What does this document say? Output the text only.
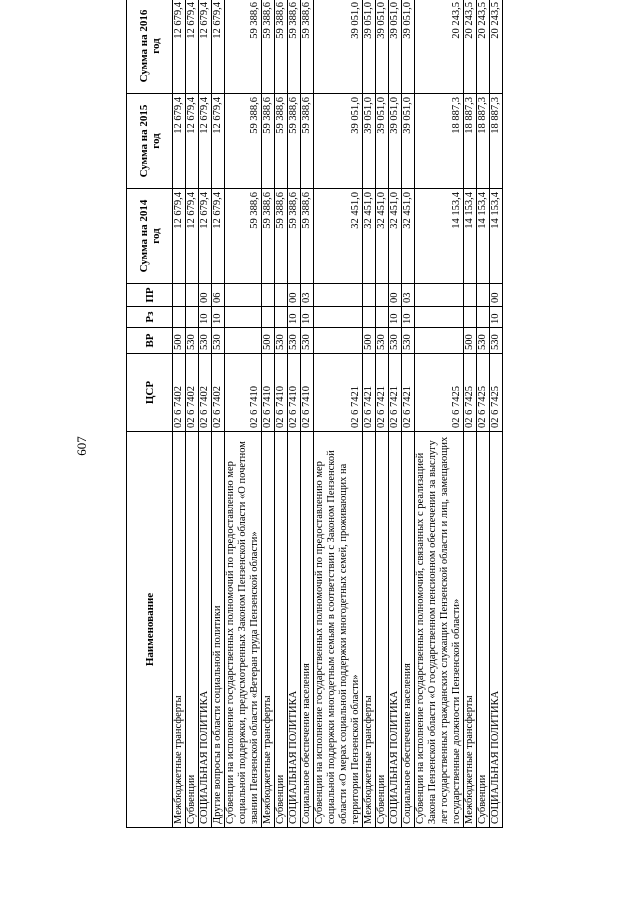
607
Наименование	ЦСР	ВР	Рз	ПР	Сумма на 2014 год	Сумма на 2015 год	Сумма на 2016 год
Межбюджетные трансферты	02 6 7402	500			12 679,4	12 679,4	12 679,4
Субвенции	02 6 7402	530			12 679,4	12 679,4	12 679,4
СОЦИАЛЬНАЯ ПОЛИТИКА	02 6 7402	530	10	00	12 679,4	12 679,4	12 679,4
Другие вопросы в области социальной политики	02 6 7402	530	10	06	12 679,4	12 679,4	12 679,4
Субвенции на исполнение государственных полномочий по предоставлению мер социальной поддержки, предусмотренных Законом Пензенской области «О почетном звании Пензенской области «Ветеран труда Пензенской области»	02 6 7410				59 388,6	59 388,6	59 388,6
Межбюджетные трансферты	02 6 7410	500			59 388,6	59 388,6	59 388,6
Субвенции	02 6 7410	530			59 388,6	59 388,6	59 388,6
СОЦИАЛЬНАЯ ПОЛИТИКА	02 6 7410	530	10	00	59 388,6	59 388,6	59 388,6
Социальное обеспечение населения	02 6 7410	530	10	03	59 388,6	59 388,6	59 388,6
Субвенции на исполнение государственных полномочий по предоставлению мер социальной поддержки многодетным семьям в соответствии с Законом Пензенской области «О мерах социальной поддержки многодетных семей, проживающих на территории Пензенской области»	02 6 7421				32 451,0	39 051,0	39 051,0
Межбюджетные трансферты	02 6 7421	500			32 451,0	39 051,0	39 051,0
Субвенции	02 6 7421	530			32 451,0	39 051,0	39 051,0
СОЦИАЛЬНАЯ ПОЛИТИКА	02 6 7421	530	10	00	32 451,0	39 051,0	39 051,0
Социальное обеспечение населения	02 6 7421	530	10	03	32 451,0	39 051,0	39 051,0
Субвенции на исполнение государственных полномочий, связанных с реализацией Закона Пензенской области «О государственном пенсионном обеспечении за выслугу лет государственных гражданских служащих Пензенской области и лиц, замещающих государственные должности Пензенской области»	02 6 7425				14 153,4	18 887,3	20 243,5
Межбюджетные трансферты	02 6 7425	500			14 153,4	18 887,3	20 243,5
Субвенции	02 6 7425	530			14 153,4	18 887,3	20 243,5
СОЦИАЛЬНАЯ ПОЛИТИКА	02 6 7425	530	10	00	14 153,4	18 887,3	20 243,5
